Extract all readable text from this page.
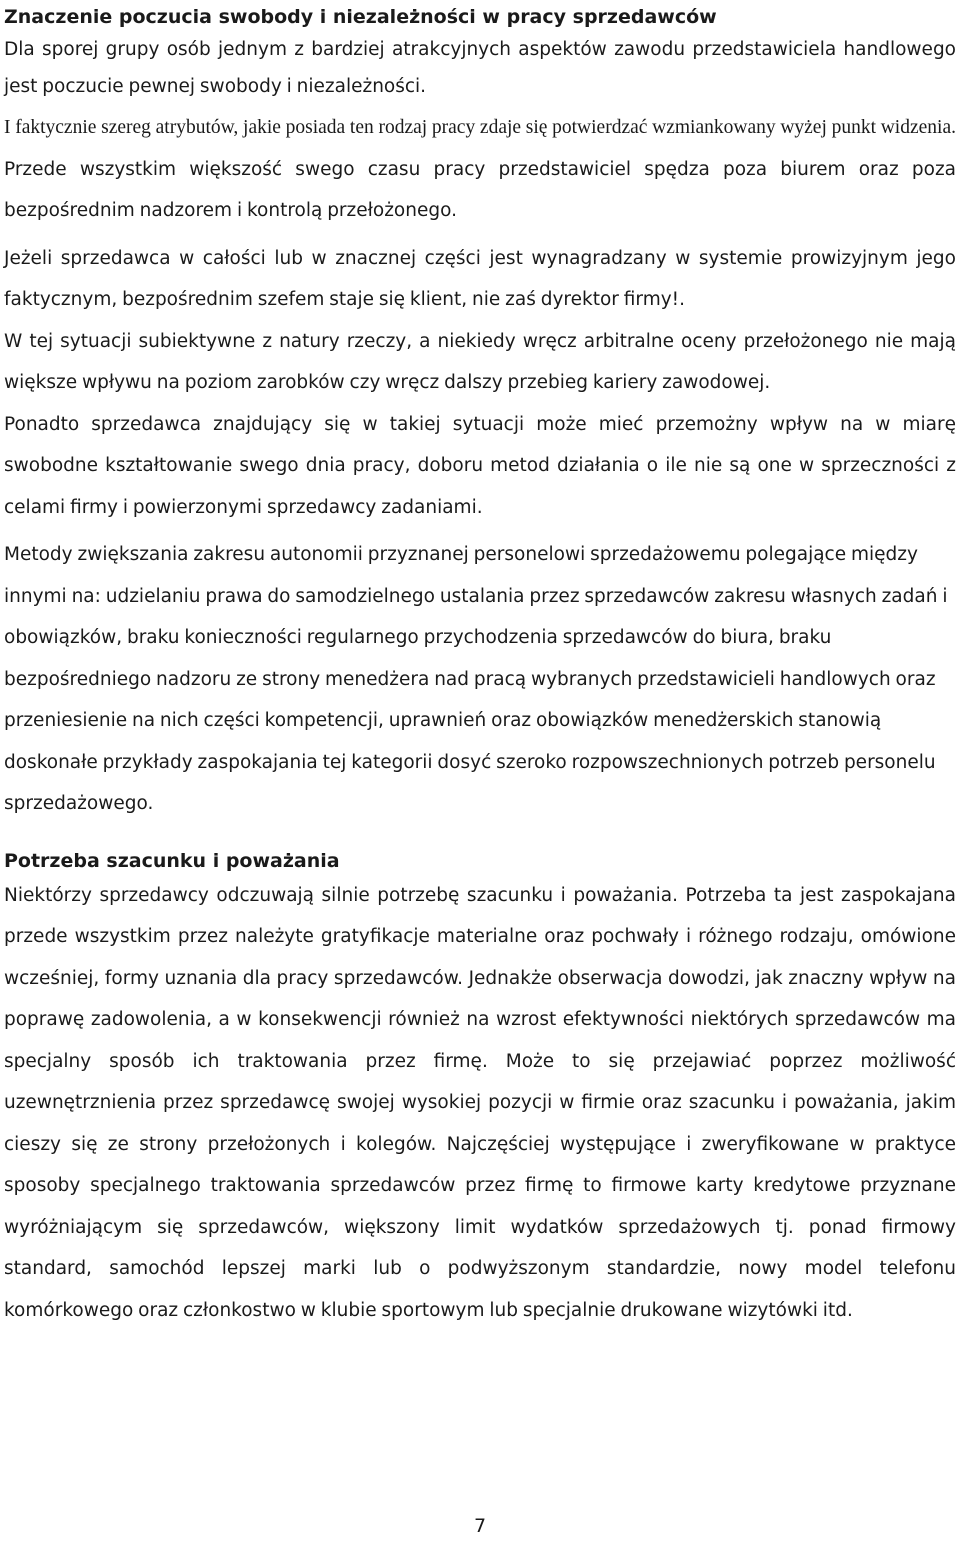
Znaczenie poczucia swobody i niezależności w pracy sprzedawców

Dla sporej grupy osób jednym z bardziej atrakcyjnych aspektów zawodu przedstawiciela handlowego jest poczucie pewnej swobody i niezależności.

I faktycznie szereg atrybutów, jakie posiada ten rodzaj pracy zdaje się potwierdzać wzmiankowany wyżej punkt widzenia. Przede wszystkim większość swego czasu pracy przedstawiciel spędza poza biurem oraz poza bezpośrednim nadzorem i kontrolą przełożonego.

Jeżeli sprzedawca w całości lub w znacznej części jest wynagradzany w systemie prowizyjnym jego faktycznym, bezpośrednim szefem staje się klient, nie zaś dyrektor firmy!.

W tej sytuacji subiektywne z natury rzeczy, a niekiedy wręcz arbitralne oceny przełożonego nie mają większe wpływu na poziom zarobków czy wręcz dalszy przebieg kariery zawodowej.

Ponadto sprzedawca znajdujący się w takiej sytuacji może mieć przemożny wpływ na w miarę swobodne kształtowanie swego dnia pracy, doboru metod działania o ile nie są one w sprzeczności z celami firmy i powierzonymi sprzedawcy zadaniami.

Metody zwiększania zakresu autonomii przyznanej personelowi sprzedażowemu polegające między innymi na: udzielaniu prawa do samodzielnego ustalania przez sprzedawców zakresu własnych zadań i obowiązków, braku konieczności regularnego przychodzenia sprzedawców do biura, braku bezpośredniego nadzoru ze strony menedżera nad pracą wybranych przedstawicieli handlowych oraz przeniesienie na nich części kompetencji, uprawnień oraz obowiązków menedżerskich stanowią doskonałe przykłady zaspokajania tej kategorii dosyć szeroko rozpowszechnionych potrzeb personelu sprzedażowego.

Potrzeba szacunku i poważania

Niektórzy sprzedawcy odczuwają silnie potrzebę szacunku i poważania. Potrzeba ta jest zaspokajana przede wszystkim przez należyte gratyfikacje materialne oraz pochwały i różnego rodzaju, omówione wcześniej, formy uznania dla pracy sprzedawców. Jednakże obserwacja dowodzi, jak znaczny wpływ na poprawę zadowolenia, a w konsekwencji również na wzrost efektywności niektórych sprzedawców ma specjalny sposób ich traktowania przez firmę. Może to się przejawiać poprzez możliwość uzewnętrznienia przez sprzedawcę swojej wysokiej pozycji w firmie oraz szacunku i poważania, jakim cieszy się ze strony przełożonych i kolegów. Najczęściej występujące i zweryfikowane w praktyce sposoby specjalnego traktowania sprzedawców przez firmę to firmowe karty kredytowe przyznane wyróżniającym się sprzedawców, większony limit wydatków sprzedażowych tj. ponad firmowy standard, samochód lepszej marki lub o podwyższonym standardzie, nowy model telefonu komórkowego oraz członkostwo w klubie sportowym lub specjalnie drukowane wizytówki itd.

7
